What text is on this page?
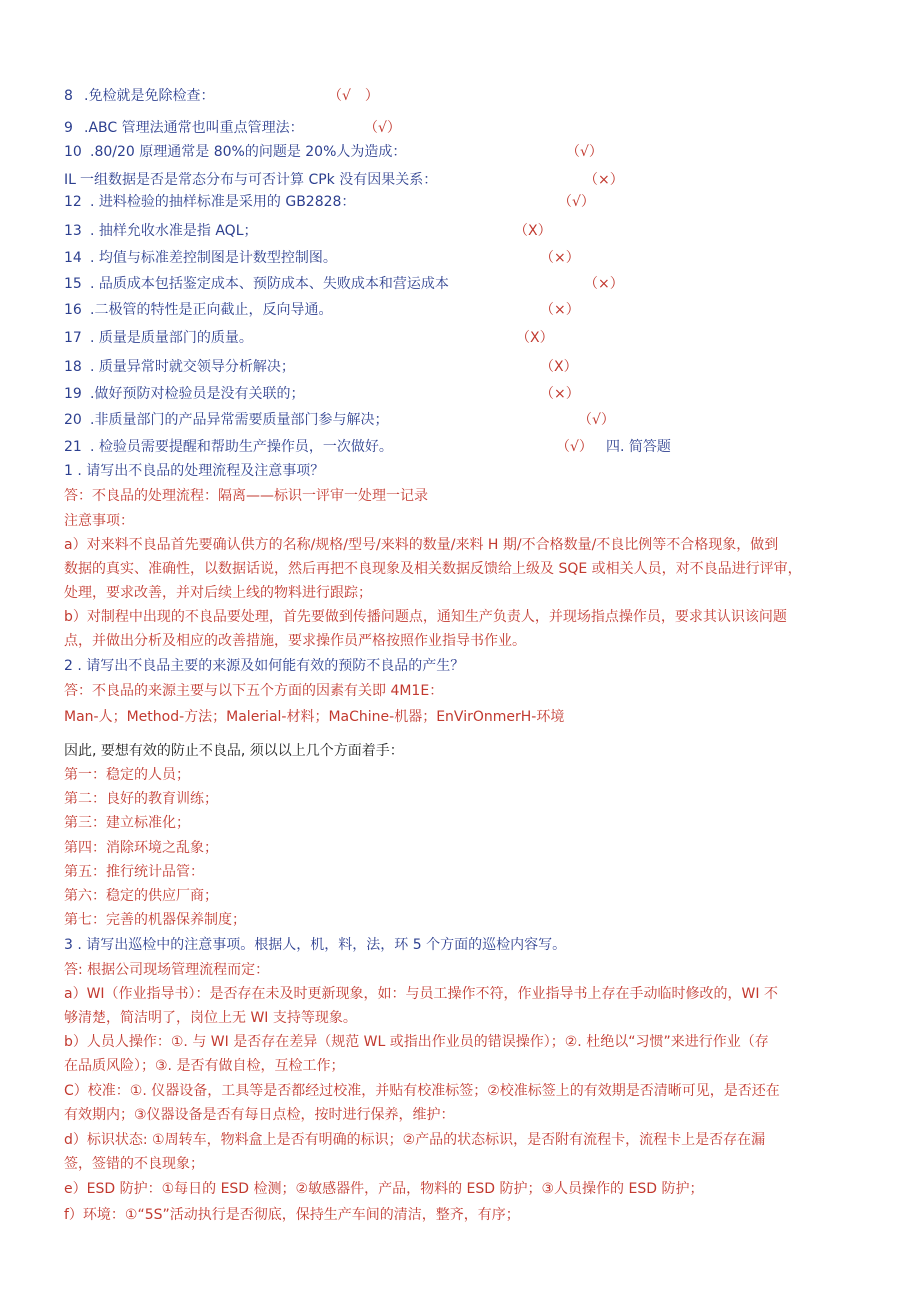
8 .免检就是免除检查：	（√　）
9 .ABC 管理法通常也叫重点管理法：	（√）
10 .80/20 原理通常是 80%的问题是 20%人为造成：	（√）
IL 一组数据是否是常态分布与可否计算 CPk 没有因果关系：	（×）
12 . 进料检验的抽样标准是采用的 GB2828：	（√）
13 . 抽样允收水准是指 AQL；	（X）
14 . 均值与标准差控制图是计数型控制图。	（×）
15 . 品质成本包括鉴定成本、预防成本、失败成本和营运成本	（×）
16 .二极管的特性是正向截止，反向导通。	（×）
17 . 质量是质量部门的质量。	（X）
18 . 质量异常时就交领导分析解决；	（X）
19 .做好预防对检验员是没有关联的；	（×）
20 .非质量部门的产品异常需要质量部门参与解决；	（√）
21 . 检验员需要提醒和帮助生产操作员，一次做好。	（√） 四. 简答题
1 . 请写出不良品的处理流程及注意事项？
答：不良品的处理流程：隔离——标识一评审一处理一记录
注意事项：
a）对来料不良品首先要确认供方的名称/规格/型号/来料的数量/来料 H 期/不合格数量/不良比例等不合格现象，做到
数据的真实、准确性，以数据话说，然后再把不良现象及相关数据反馈给上级及 SQE 或相关人员，对不良品进行评审，
处理，要求改善，并对后续上线的物料进行跟踪；
b）对制程中出现的不良品要处理，首先要做到传播问题点，通知生产负责人，并现场指点操作员，要求其认识该问题
点，并做出分析及相应的改善措施，要求操作员严格按照作业指导书作业。
2 . 请写出不良品主要的来源及如何能有效的预防不良品的产生？
答：不良品的来源主要与以下五个方面的因素有关即 4M1E：
Man-人；Method-方法；Malerial-材料；MaChine-机器；EnVirOnmerH-环境
因此, 要想有效的防止不良品, 须以以上几个方面着手：
第一：稳定的人员；
第二：良好的教育训练；
第三：建立标准化；
第四：消除环境之乱象；
第五：推行统计品管：
第六：稳定的供应厂商；
第七：完善的机器保养制度；
3 . 请写出巡检中的注意事项。根据人，机，料，法，环 5 个方面的巡检内容写。
答: 根据公司现场管理流程而定：
a）WI（作业指导书）：是否存在未及时更新现象，如：与员工操作不符，作业指导书上存在手动临时修改的，WI 不
够清楚，简洁明了，岗位上无 WI 支持等现象。
b）人员人操作：①. 与 WI 是否存在差异（规范 WL 或指出作业员的错误操作）；②. 杜绝以“习惯”来进行作业（存
在品质风险）；③. 是否有做自检，互检工作；
C）校准：①. 仪器设备，工具等是否都经过校准，并贴有校准标签；②校准标签上的有效期是否清晰可见，是否还在
有效期内；③仪器设备是否有每日点检，按时进行保养，维护：
d）标识状态: ①周转车，物料盒上是否有明确的标识；②产品的状态标识，是否附有流程卡，流程卡上是否存在漏
签，签错的不良现象；
e）ESD 防护：①每日的 ESD 检测；②敏感器件，产品，物料的 ESD 防护；③人员操作的 ESD 防护；
f）环境：①“5S”活动执行是否彻底，保持生产车间的清洁，整齐，有序；
